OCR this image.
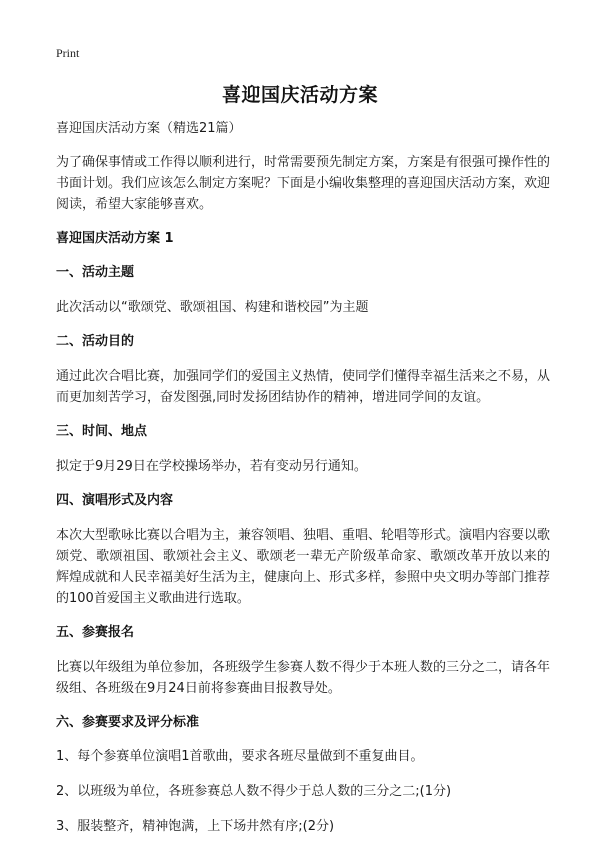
Print
喜迎国庆活动方案

喜迎国庆活动方案（精选21篇）

为了确保事情或工作得以顺利进行，时常需要预先制定方案，方案是有很强可操作性的书面计划。我们应该怎么制定方案呢？下面是小编收集整理的喜迎国庆活动方案，欢迎阅读，希望大家能够喜欢。

喜迎国庆活动方案 1
一、活动主题

此次活动以“歌颂党、歌颂祖国、构建和谐校园”为主题

二、活动目的

通过此次合唱比赛，加强同学们的爱国主义热情，使同学们懂得幸福生活来之不易，从而更加刻苦学习，奋发图强,同时发扬团结协作的精神，增进同学间的友谊。

三、时间、地点

拟定于9月29日在学校操场举办，若有变动另行通知。

四、演唱形式及内容

本次大型歌咏比赛以合唱为主，兼容领唱、独唱、重唱、轮唱等形式。演唱内容要以歌颂党、歌颂祖国、歌颂社会主义、歌颂老一辈无产阶级革命家、歌颂改革开放以来的 辉煌成就和人民幸福美好生活为主，健康向上、形式多样，参照中央文明办等部门推荐的100首爱国主义歌曲进行选取。

五、参赛报名

比赛以年级组为单位参加，各班级学生参赛人数不得少于本班人数的三分之二，请各年级组、各班级在9月24日前将参赛曲目报教导处。

六、参赛要求及评分标准
1、每个参赛单位演唱1首歌曲，要求各班尽量做到不重复曲目。
2、以班级为单位，各班参赛总人数不得少于总人数的三分之二;(1分)
3、服装整齐，精神饱满，上下场井然有序;(2分)
